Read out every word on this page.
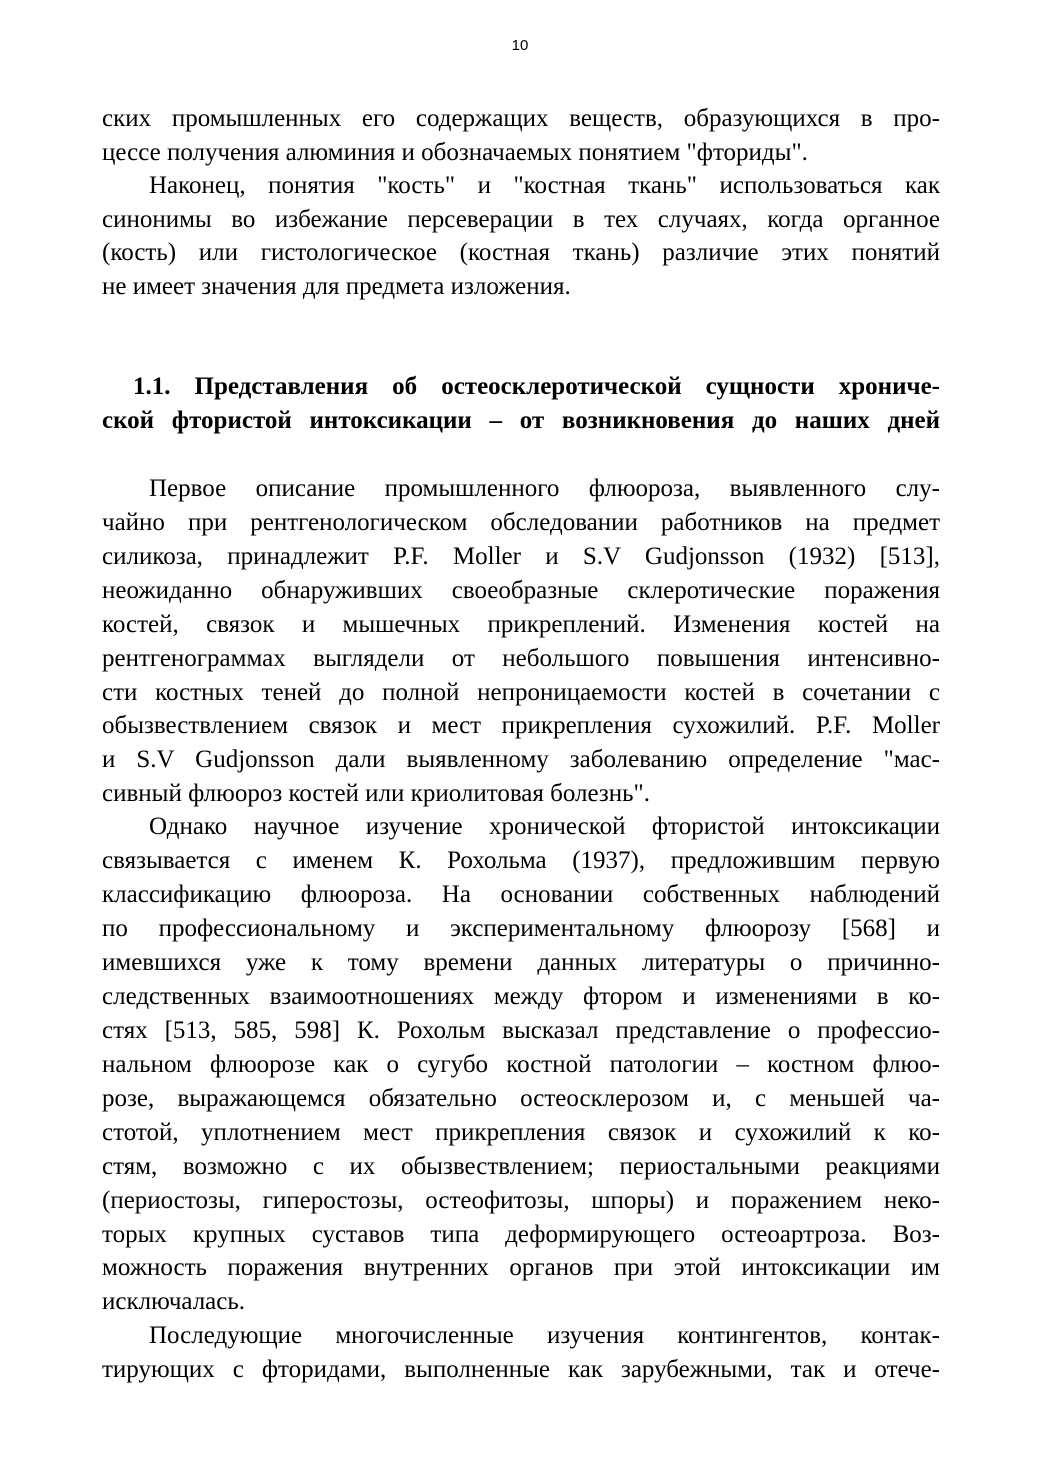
10
ских промышленных его содержащих веществ, образующихся в про-
цессе получения алюминия и обозначаемых понятием "фториды".
Наконец, понятия "кость" и "костная ткань" использоваться как
синонимы во избежание персеверации в тех случаях, когда органное
(кость) или гистологическое (костная ткань) различие этих понятий
не имеет значения для предмета изложения.
1.1. Представления об остеосклеротической сущности хрониче-
ской фтористой интоксикации – от возникновения до наших дней
Первое описание промышленного флюороза, выявленного слу-
чайно при рентгенологическом обследовании работников на предмет
силикоза, принадлежит P.F. Moller и S.V Gudjonsson (1932) [513],
неожиданно обнаруживших своеобразные склеротические поражения
костей, связок и мышечных прикреплений. Изменения костей на
рентгенограммах выглядели от небольшого повышения интенсивно-
сти костных теней до полной непроницаемости костей в сочетании с
обызвествлением связок и мест прикрепления сухожилий. P.F. Moller
и S.V Gudjonsson дали выявленному заболеванию определение "мас-
сивный флюороз костей или криолитовая болезнь".
Однако научное изучение хронической фтористой интоксикации
связывается с именем К. Рохольма (1937), предложившим первую
классификацию флюороза. На основании собственных наблюдений
по профессиональному и экспериментальному флюорозу [568] и
имевшихся уже к тому времени данных литературы о причинно-
следственных взаимоотношениях между фтором и изменениями в ко-
стях [513, 585, 598] К. Рохольм высказал представление о профессио-
нальном флюорозе как о сугубо костной патологии – костном флюо-
розе, выражающемся обязательно остеосклерозом и, с меньшей ча-
стотой, уплотнением мест прикрепления связок и сухожилий к ко-
стям, возможно с их обызвествлением; периостальными реакциями
(периостозы, гиперостозы, остеофитозы, шпоры) и поражением неко-
торых крупных суставов типа деформирующего остеоартроза. Воз-
можность поражения внутренних органов при этой интоксикации им
исключалась.
Последующие многочисленные изучения контингентов, контак-
тирующих с фторидами, выполненные как зарубежными, так и отече-
